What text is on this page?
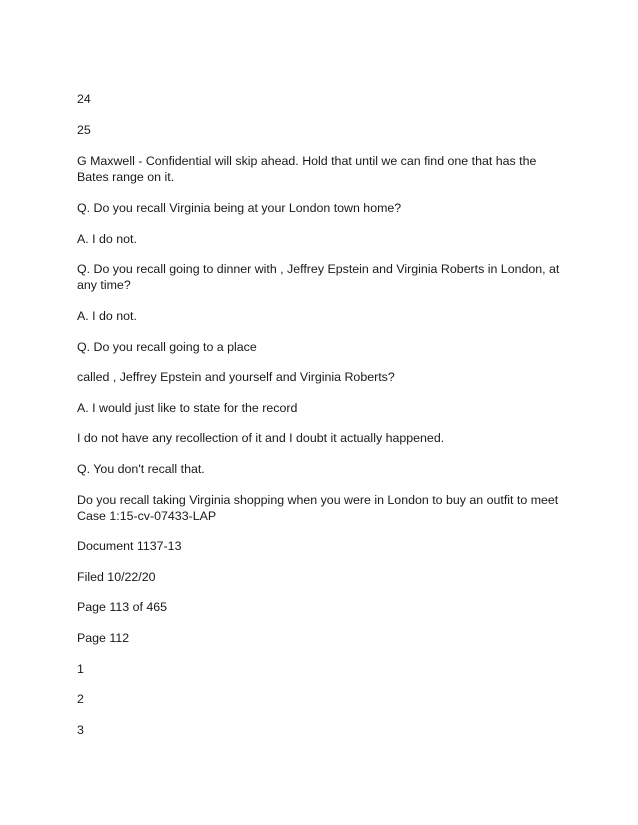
24

25

G Maxwell - Confidential will skip ahead. Hold that until we can find one that has the Bates range on it.

Q. Do you recall Virginia being at your London town home?

A. I do not.

Q. Do you recall going to dinner with , Jeffrey Epstein and Virginia Roberts in London, at any time?

A. I do not.

Q. Do you recall going to a place

called , Jeffrey Epstein and yourself and Virginia Roberts?

A. I would just like to state for the record

I do not have any recollection of it and I doubt it actually happened.

Q. You don't recall that.

Do you recall taking Virginia shopping when you were in London to buy an outfit to meet Case 1:15-cv-07433-LAP

Document 1137-13

Filed 10/22/20

Page 113 of 465

Page 112

1

2

3
